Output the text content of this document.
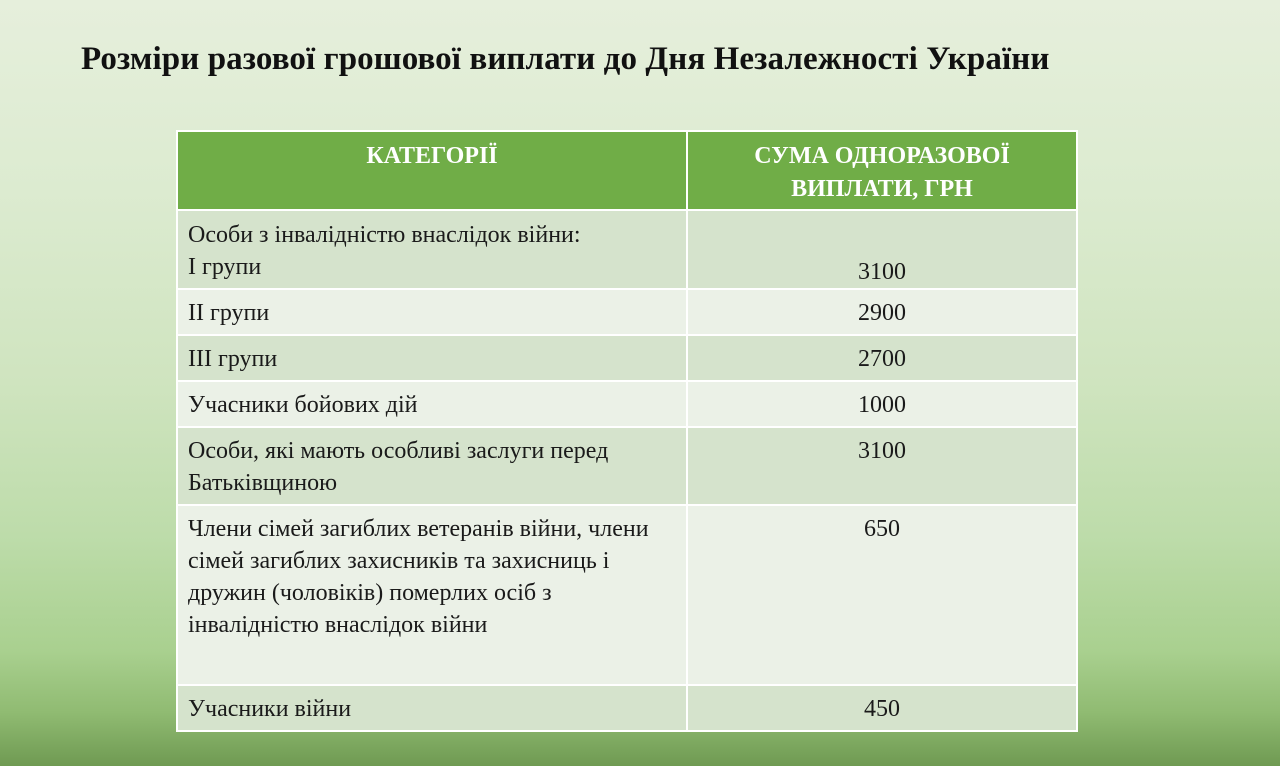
Розміри разової грошової виплати до Дня Незалежності України
КАТЕГОРІЇ	СУМА ОДНОРАЗОВОЇ ВИПЛАТИ, ГРН

Особи з інвалідністю внаслідок війни:
І групи	3100
ІІ групи	2900
ІІІ групи	2700
Учасники бойових дій	1000
Особи, які мають особливі заслуги перед Батьківщиною	3100
Члени сімей загиблих ветеранів війни, члени сімей загиблих захисників та захисниць і дружин (чоловіків) померлих осіб з інвалідністю внаслідок війни	650
Учасники війни	450
